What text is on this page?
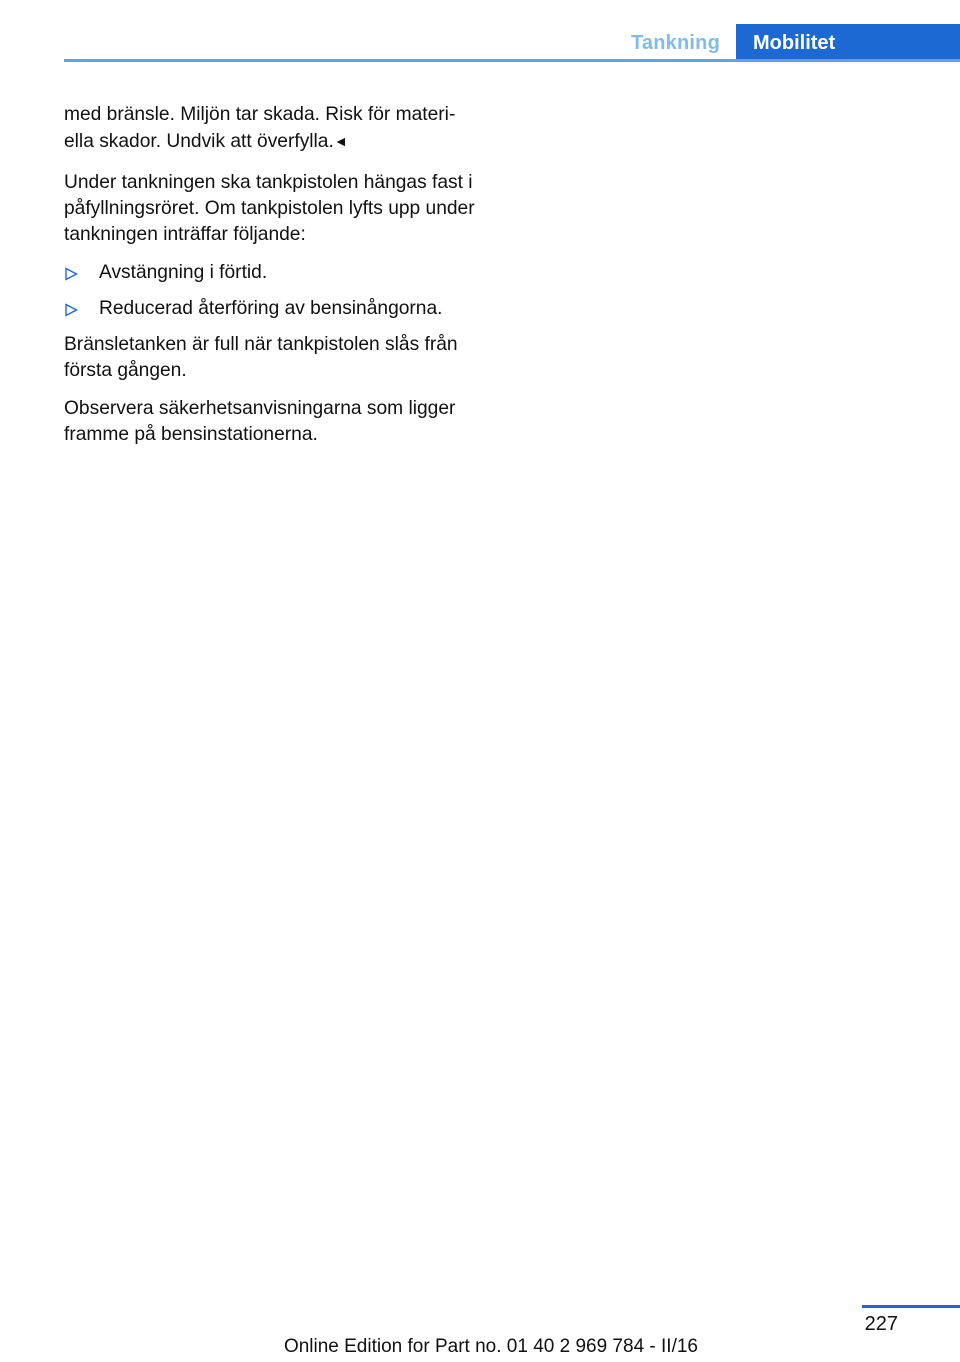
Tankning	Mobilitet

med bränsle. Miljön tar skada. Risk för materi-
ella skador. Undvik att överfylla.◄

Under tankningen ska tankpistolen hängas fast i påfyllningsröret. Om tankpistolen lyfts upp under tankningen inträffar följande:

Avstängning i förtid.
Reducerad återföring av bensinångorna.

Bränsletanken är full när tankpistolen slås från första gången.

Observera säkerhetsanvisningarna som ligger framme på bensinstationerna.

227
Online Edition for Part no. 01 40 2 969 784 - II/16
